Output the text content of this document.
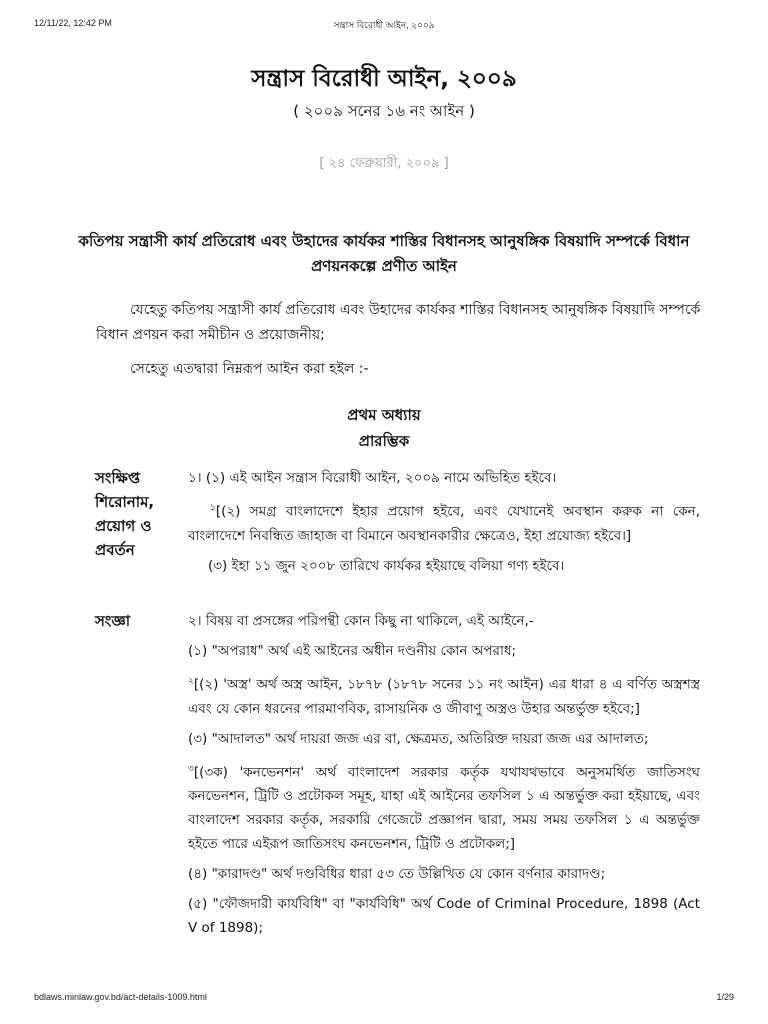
12/11/22, 12:42 PM	সন্ত্রাস বিরোধী আইন, ২০০৯
সন্ত্রাস বিরোধী আইন, ২০০৯
( ২০০৯ সনের ১৬ নং আইন )
[ ২৪ ফেব্রুয়ারী, ২০০৯ ]
কতিপয় সন্ত্রাসী কার্য প্রতিরোধ এবং উহাদের কার্যকর শাস্তির বিধানসহ আনুষঙ্গিক বিষয়াদি সম্পর্কে বিধান প্রণয়নকল্পে প্রণীত আইন
যেহেতু কতিপয় সন্ত্রাসী কার্য প্রতিরোধ এবং উহাদের কার্যকর শাস্তির বিধানসহ আনুষঙ্গিক বিষয়াদি সম্পর্কে বিধান প্রণয়ন করা সমীচীন ও প্রয়োজনীয়;
সেহেতু এতদ্বারা নিম্নরূপ আইন করা হইল :-
প্রথম অধ্যায়
প্রারম্ভিক
সংক্ষিপ্ত শিরোনাম, প্রয়োগ ও প্রবর্তন

১। (১) এই আইন সন্ত্রাস বিরোধী আইন, ২০০৯ নামে অভিহিত হইবে।

$^১$[(২) সমগ্র বাংলাদেশে ইহার প্রয়োগ হইবে, এবং যেখানেই অবস্থান করুক না কেন, বাংলাদেশে নিবন্ধিত জাহাজ বা বিমানে অবস্থানকারীর ক্ষেত্রেও, ইহা প্রযোজ্য হইবে।]

(৩) ইহা ১১ জুন ২০০৮ তারিখে কার্যকর হইয়াছে বলিয়া গণ্য হইবে।

সংজ্ঞা	২। বিষয় বা প্রসঙ্গের পরিপন্থী কোন কিছু না থাকিলে, এই আইনে,-

(১) "অপরাধ" অর্থ এই আইনের অধীন দণ্ডনীয় কোন অপরাধ;

$^২$[(২) 'অস্ত্র' অর্থ অস্ত্র আইন, ১৮৭৮ (১৮৭৮ সনের ১১ নং আইন) এর ধারা ৪ এ বর্ণিত অস্ত্রশস্ত্র এবং যে কোন ধরনের পারমাণবিক, রাসায়নিক ও জীবাণু অস্ত্রও উহার অন্তর্ভুক্ত হইবে;]

(৩) "আদালত" অর্থ দায়রা জজ এর বা, ক্ষেত্রমত, অতিরিক্ত দায়রা জজ এর আদালত;

$^৩$[(৩ক) 'কনভেনশন' অর্থ বাংলাদেশ সরকার কর্তৃক যথাযথভাবে অনুসমর্থিত জাতিসংঘ কনভেনশন, ট্রিটি ও প্রটোকল সমূহ, যাহা এই আইনের তফসিল ১ এ অন্তর্ভুক্ত করা হইয়াছে, এবং বাংলাদেশ সরকার কর্তৃক, সরকারি গেজেটে প্রজ্ঞাপন দ্বারা, সময় সময় তফসিল ১ এ অন্তর্ভুক্ত হইতে পারে এইরূপ জাতিসংঘ কনভেনশন, ট্রিটি ও প্রটোকল;]

(৪) "কারাদণ্ড" অর্থ দণ্ডবিধির ধারা ৫৩ তে উল্লিখিত যে কোন বর্ণনার কারাদণ্ড;

(৫) "ফৌজদারী কার্যবিধি" বা "কার্যবিধি" অর্থ Code of Criminal Procedure, 1898 (Act V of 1898);

bdlaws.minlaw.gov.bd/act-details-1009.html	1/29
